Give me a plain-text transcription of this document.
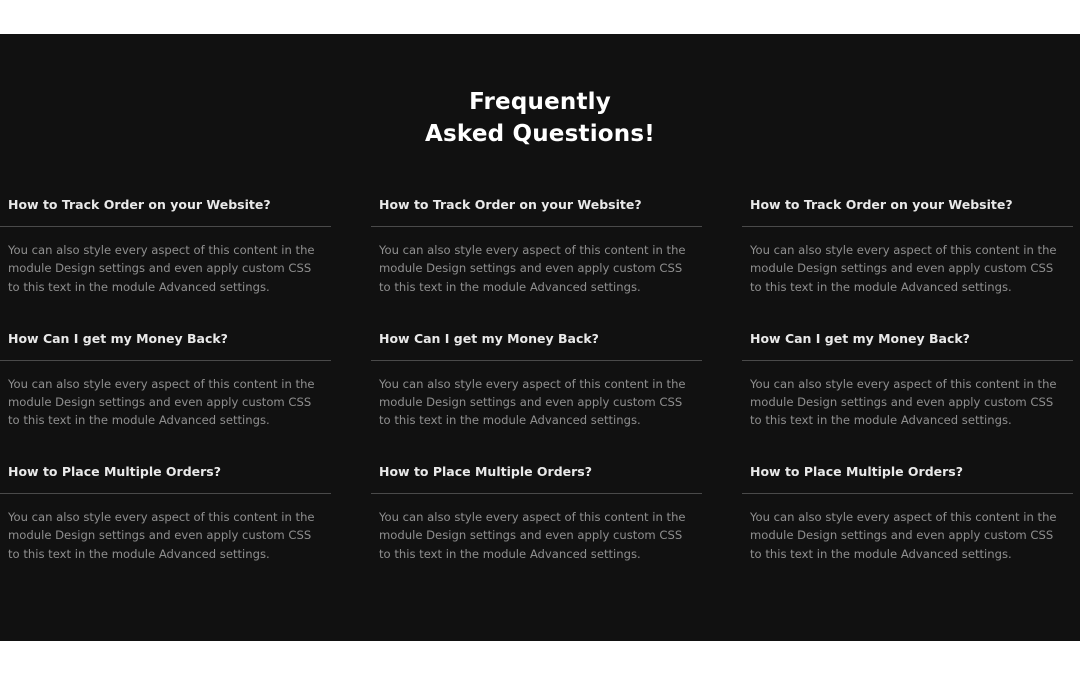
Frequently
Asked Questions!
How to Track Order on your Website?
You can also style every aspect of this content in the module Design settings and even apply custom CSS to this text in the module Advanced settings.
How Can I get my Money Back?
You can also style every aspect of this content in the module Design settings and even apply custom CSS to this text in the module Advanced settings.
How to Place Multiple Orders?
You can also style every aspect of this content in the module Design settings and even apply custom CSS to this text in the module Advanced settings.
How to Track Order on your Website?
You can also style every aspect of this content in the module Design settings and even apply custom CSS to this text in the module Advanced settings.
How Can I get my Money Back?
You can also style every aspect of this content in the module Design settings and even apply custom CSS to this text in the module Advanced settings.
How to Place Multiple Orders?
You can also style every aspect of this content in the module Design settings and even apply custom CSS to this text in the module Advanced settings.
How to Track Order on your Website?
You can also style every aspect of this content in the module Design settings and even apply custom CSS to this text in the module Advanced settings.
How Can I get my Money Back?
You can also style every aspect of this content in the module Design settings and even apply custom CSS to this text in the module Advanced settings.
How to Place Multiple Orders?
You can also style every aspect of this content in the module Design settings and even apply custom CSS to this text in the module Advanced settings.
